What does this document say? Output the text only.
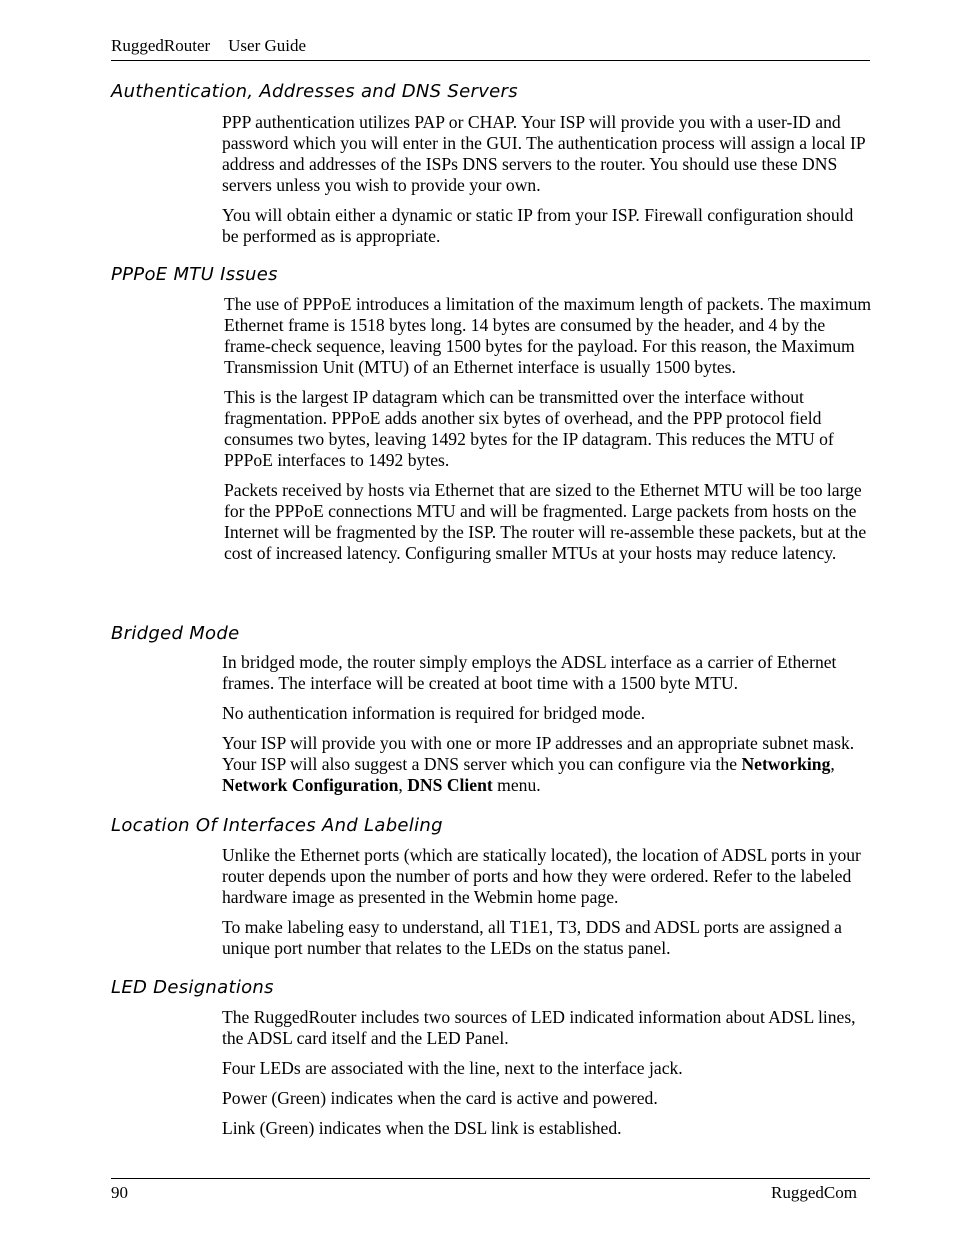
RuggedRouter User Guide
Authentication, Addresses and DNS Servers

PPP authentication utilizes PAP or CHAP. Your ISP will provide you with a user-ID and password which you will enter in the GUI. The authentication process will assign a local IP address and addresses of the ISPs DNS servers to the router. You should use these DNS servers unless you wish to provide your own.

You will obtain either a dynamic or static IP from your ISP. Firewall configuration should be performed as is appropriate.

PPPoE MTU Issues

The use of PPPoE introduces a limitation of the maximum length of packets. The maximum Ethernet frame is 1518 bytes long. 14 bytes are consumed by the header, and 4 by the frame-check sequence, leaving 1500 bytes for the payload. For this reason, the Maximum Transmission Unit (MTU) of an Ethernet interface is usually 1500 bytes.

This is the largest IP datagram which can be transmitted over the interface without fragmentation. PPPoE adds another six bytes of overhead, and the PPP protocol field consumes two bytes, leaving 1492 bytes for the IP datagram. This reduces the MTU of PPPoE interfaces to 1492 bytes.

Packets received by hosts via Ethernet that are sized to the Ethernet MTU will be too large for the PPPoE connections MTU and will be fragmented. Large packets from hosts on the Internet will be fragmented by the ISP. The router will re-assemble these packets, but at the cost of increased latency. Configuring smaller MTUs at your hosts may reduce latency.

Bridged Mode

In bridged mode, the router simply employs the ADSL interface as a carrier of Ethernet frames. The interface will be created at boot time with a 1500 byte MTU.

No authentication information is required for bridged mode.

Your ISP will provide you with one or more IP addresses and an appropriate subnet mask. Your ISP will also suggest a DNS server which you can configure via the Networking, Network Configuration, DNS Client menu.

Location Of Interfaces And Labeling

Unlike the Ethernet ports (which are statically located), the location of ADSL ports in your router depends upon the number of ports and how they were ordered. Refer to the labeled hardware image as presented in the Webmin home page.

To make labeling easy to understand, all T1E1, T3, DDS and ADSL ports are assigned a unique port number that relates to the LEDs on the status panel.

LED Designations

The RuggedRouter includes two sources of LED indicated information about ADSL lines, the ADSL card itself and the LED Panel.

Four LEDs are associated with the line, next to the interface jack.

Power (Green) indicates when the card is active and powered.

Link (Green) indicates when the DSL link is established.

90	RuggedCom
